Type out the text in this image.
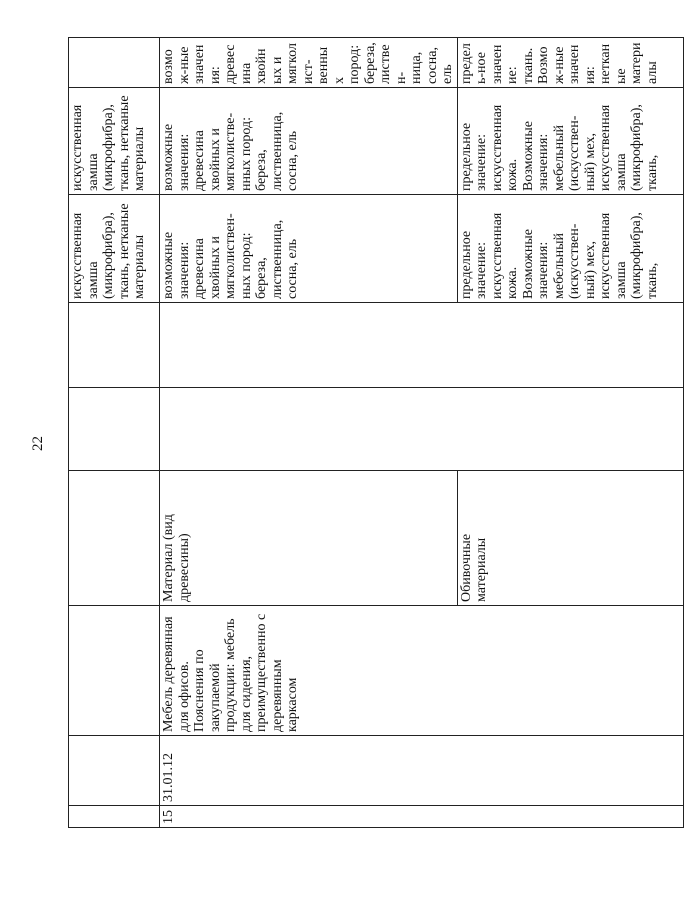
22

						искусственная замша (микрофибра), ткань, нетканые материалы	искусственная замша (микрофибра), ткань, нетканые материалы	

15	31.01.12	Мебель деревянная для офисов. Пояснения по закупаемой продукции: мебель для сидения, преимущественно с деревянным каркасом	Материал (вид древесины)			возможные значения: древесина хвойных и мягколиствен-ных пород: береза, лиственница, сосна, ель	возможные значения: древесина хвойных и мягколистве-нных пород: береза, лиственница, сосна, ель	возмож-ные значения: древесина хвойных и мягколист-венных пород: береза, листвен-ница, сосна, ель

			Обивочные материалы			предельное значение: искусственная кожа. Возможные значения: мебельный (искусствен-ный) мех, искусственная замша (микрофибра), ткань,	предельное значение: искусственная кожа. Возможные значения: мебельный (искусствен-ный) мех, искусственная замша (микрофибра), ткань,	предель-ное значение: ткань. Возмож-ные значения: нетканые материалы
